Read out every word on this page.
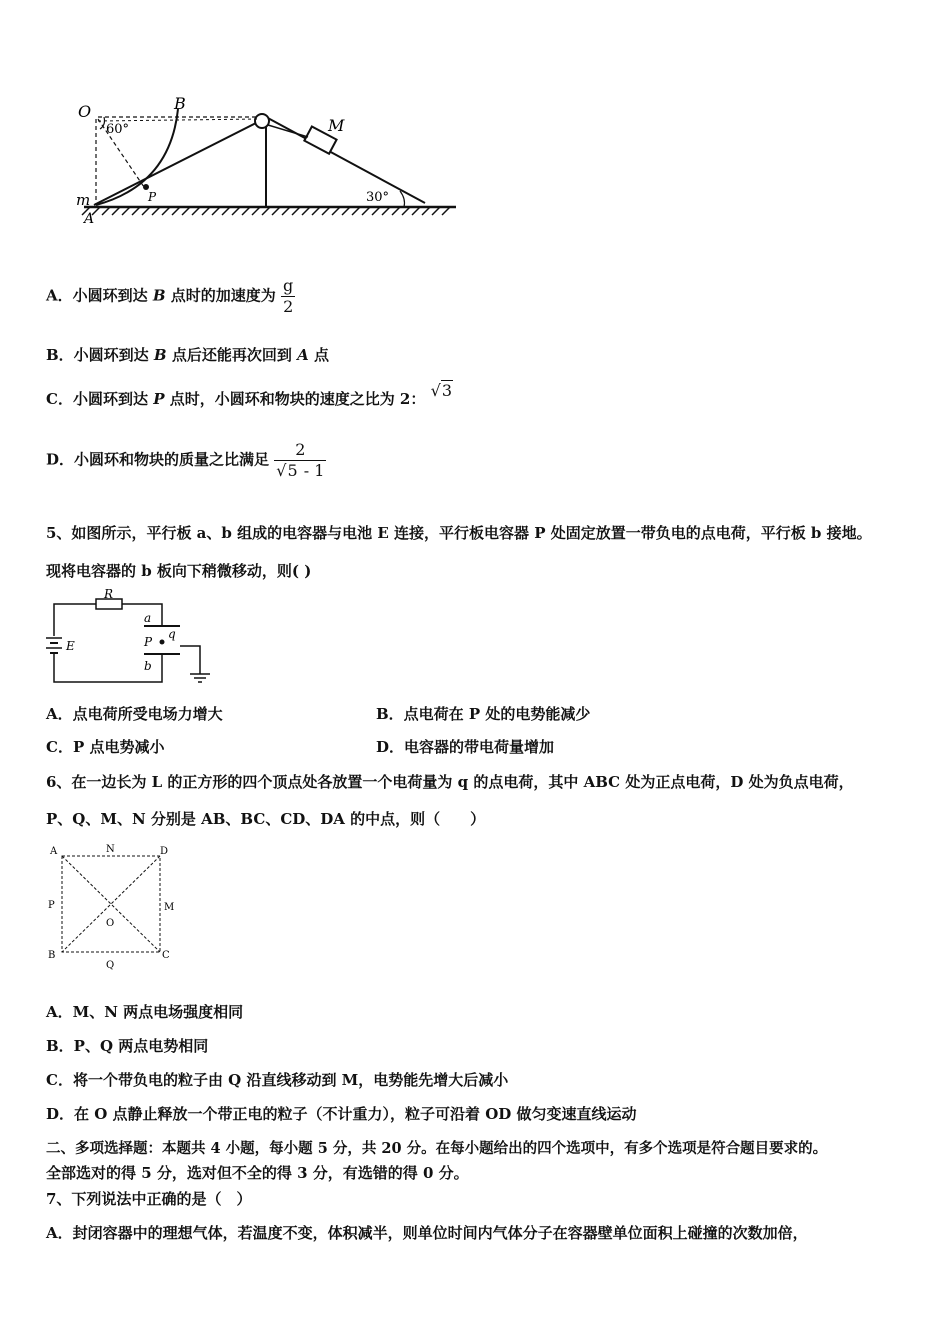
O	B
M
60°
30°
m
A
P
A．小圆环到达 B 点时的加速度为 $\frac{g}{2}$
B．小圆环到达 B 点后还能再次回到 A 点
C．小圆环到达 P 点时，小圆环和物块的速度之比为 2： √3
D．小圆环和物块的质量之比满足 $\frac{2}{√5 - 1}$
5、如图所示，平行板 a、b 组成的电容器与电池 E 连接，平行板电容器 P 处固定放置一带负电的点电荷，平行板 b 接地。
现将电容器的 b 板向下稍微移动，则( )
R
a
q
P
E
b
A．点电荷所受电场力增大	B．点电荷在 P 处的电势能减少
C．P 点电势减小	D．电容器的带电荷量增加
6、在一边长为 L 的正方形的四个顶点处各放置一个电荷量为 q 的点电荷，其中 ABC 处为正点电荷，D 处为负点电荷，
P、Q、M、N 分别是 AB、BC、CD、DA 的中点，则（　　）
A	N	D
P	M
O
B
Q
C
A．M、N 两点电场强度相同
B．P、Q 两点电势相同
C．将一个带负电的粒子由 Q 沿直线移动到 M，电势能先增大后减小
D．在 O 点静止释放一个带正电的粒子（不计重力），粒子可沿着 OD 做匀变速直线运动
二、多项选择题：本题共 4 小题，每小题 5 分，共 20 分。在每小题给出的四个选项中，有多个选项是符合题目要求的。
全部选对的得 5 分，选对但不全的得 3 分，有选错的得 0 分。
7、下列说法中正确的是（　）
A．封闭容器中的理想气体，若温度不变，体积减半，则单位时间内气体分子在容器壁单位面积上碰撞的次数加倍，
